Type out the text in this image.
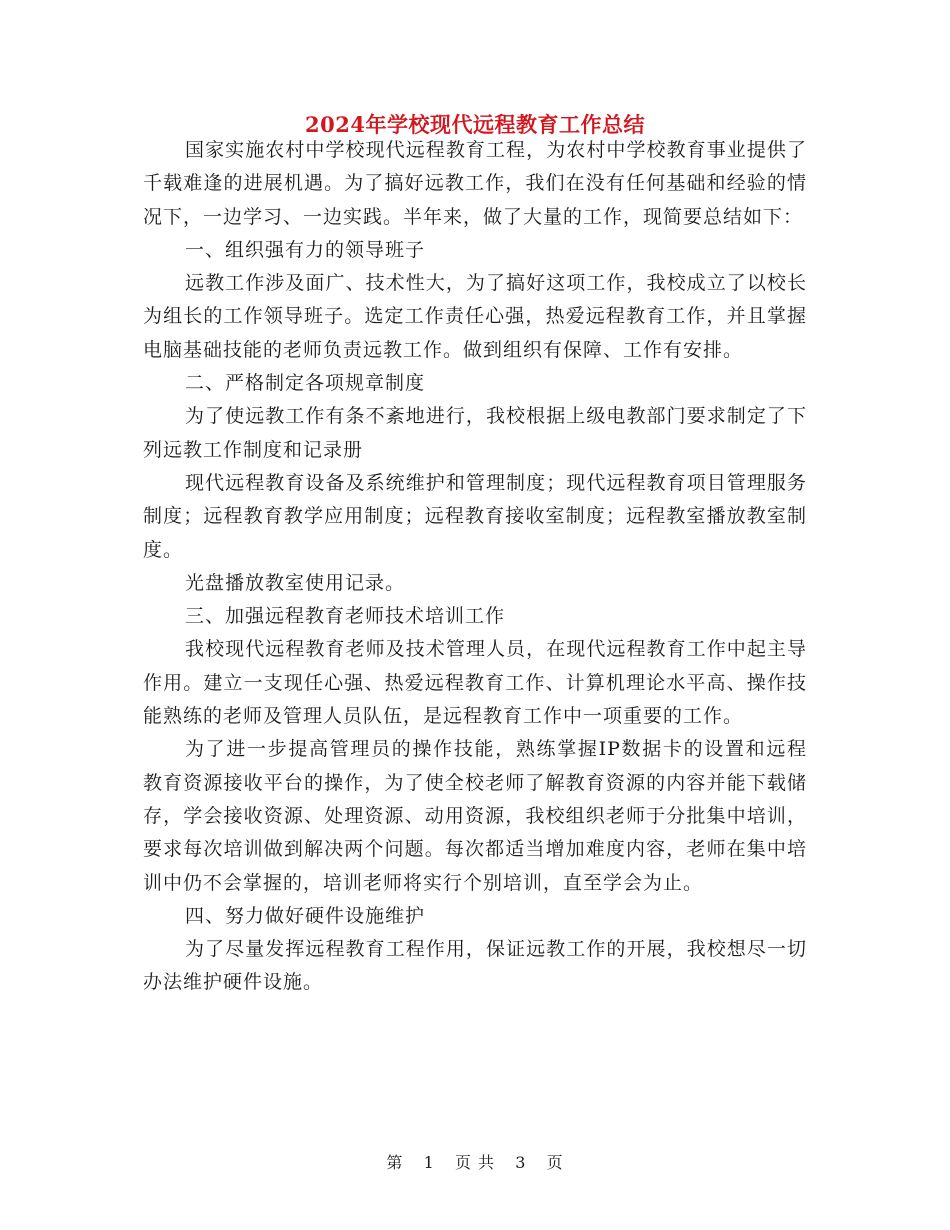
2024年学校现代远程教育工作总结

国家实施农村中学校现代远程教育工程，为农村中学校教育事业提供了千载难逢的进展机遇。为了搞好远教工作，我们在没有任何基础和经验的情况下，一边学习、一边实践。半年来，做了大量的工作，现简要总结如下：

一、组织强有力的领导班子

远教工作涉及面广、技术性大，为了搞好这项工作，我校成立了以校长为组长的工作领导班子。选定工作责任心强，热爱远程教育工作，并且掌握电脑基础技能的老师负责远教工作。做到组织有保障、工作有安排。

二、严格制定各项规章制度

为了使远教工作有条不紊地进行，我校根据上级电教部门要求制定了下列远教工作制度和记录册

现代远程教育设备及系统维护和管理制度；现代远程教育项目管理服务制度；远程教育教学应用制度；远程教育接收室制度；远程教室播放教室制度。

光盘播放教室使用记录。

三、加强远程教育老师技术培训工作

我校现代远程教育老师及技术管理人员，在现代远程教育工作中起主导作用。建立一支现任心强、热爱远程教育工作、计算机理论水平高、操作技能熟练的老师及管理人员队伍，是远程教育工作中一项重要的工作。

为了进一步提高管理员的操作技能，熟练掌握IP数据卡的设置和远程教育资源接收平台的操作，为了使全校老师了解教育资源的内容并能下载储存，学会接收资源、处理资源、动用资源，我校组织老师于分批集中培训，要求每次培训做到解决两个问题。每次都适当增加难度内容，老师在集中培训中仍不会掌握的，培训老师将实行个别培训，直至学会为止。

四、努力做好硬件设施维护

为了尽量发挥远程教育工程作用，保证远教工作的开展，我校想尽一切办法维护硬件设施。

第 1 页 共 3 页
